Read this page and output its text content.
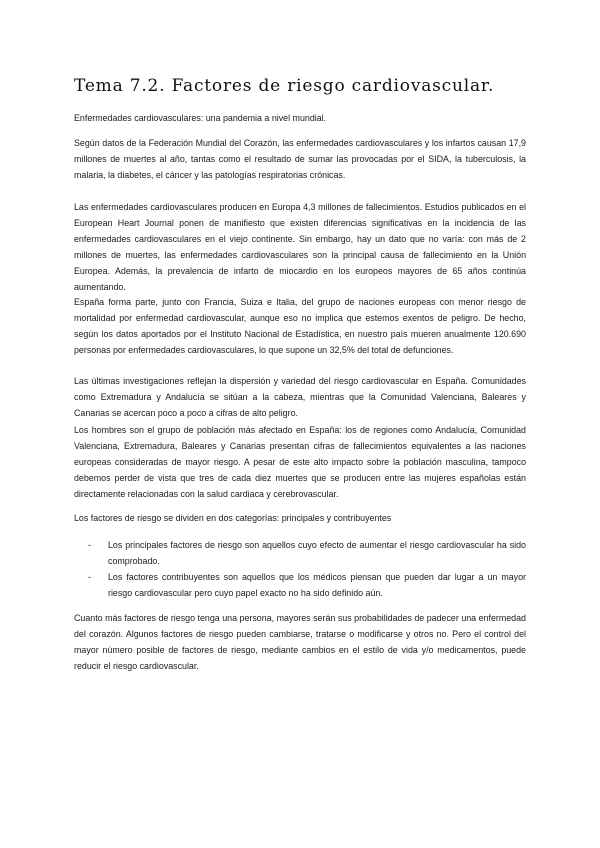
Tema 7.2. Factores de riesgo cardiovascular.

Enfermedades cardiovasculares: una pandemia a nivel mundial.

Según datos de la Federación Mundial del Corazón, las enfermedades cardiovasculares y los infartos causan 17,9 millones de muertes al año, tantas como el resultado de sumar las provocadas por el SIDA, la tuberculosis, la malaria, la diabetes, el cáncer y las patologías respiratorias crónicas.

Las enfermedades cardiovasculares producen en Europa 4,3 millones de fallecimientos. Estudios publicados en el European Heart Journal ponen de manifiesto que existen diferencias significativas en la incidencia de las enfermedades cardiovasculares en el viejo continente. Sin embargo, hay un dato que no varía: con más de 2 millones de muertes, las enfermedades cardiovasculares son la principal causa de fallecimiento en la Unión Europea. Además, la prevalencia de infarto de miocardio en los europeos mayores de 65 años continúa aumentando.

España forma parte, junto con Francia, Suiza e Italia, del grupo de naciones europeas con menor riesgo de mortalidad por enfermedad cardiovascular, aunque eso no implica que estemos exentos de peligro. De hecho, según los datos aportados por el Instituto Nacional de Estadística, en nuestro país mueren anualmente 120.690 personas por enfermedades cardiovasculares, lo que supone un 32,5% del total de defunciones.

Las últimas investigaciones reflejan la dispersión y variedad del riesgo cardiovascular en España. Comunidades como Extremadura y Andalucía se sitúan a la cabeza, mientras que la Comunidad Valenciana, Baleares y Canarias se acercan poco a poco a cifras de alto peligro.

Los hombres son el grupo de población más afectado en España: los de regiones como Andalucía, Comunidad Valenciana, Extremadura, Baleares y Canarias presentan cifras de fallecimientos equivalentes a las naciones europeas consideradas de mayor riesgo. A pesar de este alto impacto sobre la población masculina, tampoco debemos perder de vista que tres de cada diez muertes que se producen entre las mujeres españolas están directamente relacionadas con la salud cardiaca y cerebrovascular.

Los factores de riesgo se dividen en dos categorías: principales y contribuyentes

- Los principales factores de riesgo son aquellos cuyo efecto de aumentar el riesgo cardiovascular ha sido comprobado.
- Los factores contribuyentes son aquellos que los médicos piensan que pueden dar lugar a un mayor riesgo cardiovascular pero cuyo papel exacto no ha sido definido aún.

Cuanto más factores de riesgo tenga una persona, mayores serán sus probabilidades de padecer una enfermedad del corazón. Algunos factores de riesgo pueden cambiarse, tratarse o modificarse y otros no. Pero el control del mayor número posible de factores de riesgo, mediante cambios en el estilo de vida y/o medicamentos, puede reducir el riesgo cardiovascular.
